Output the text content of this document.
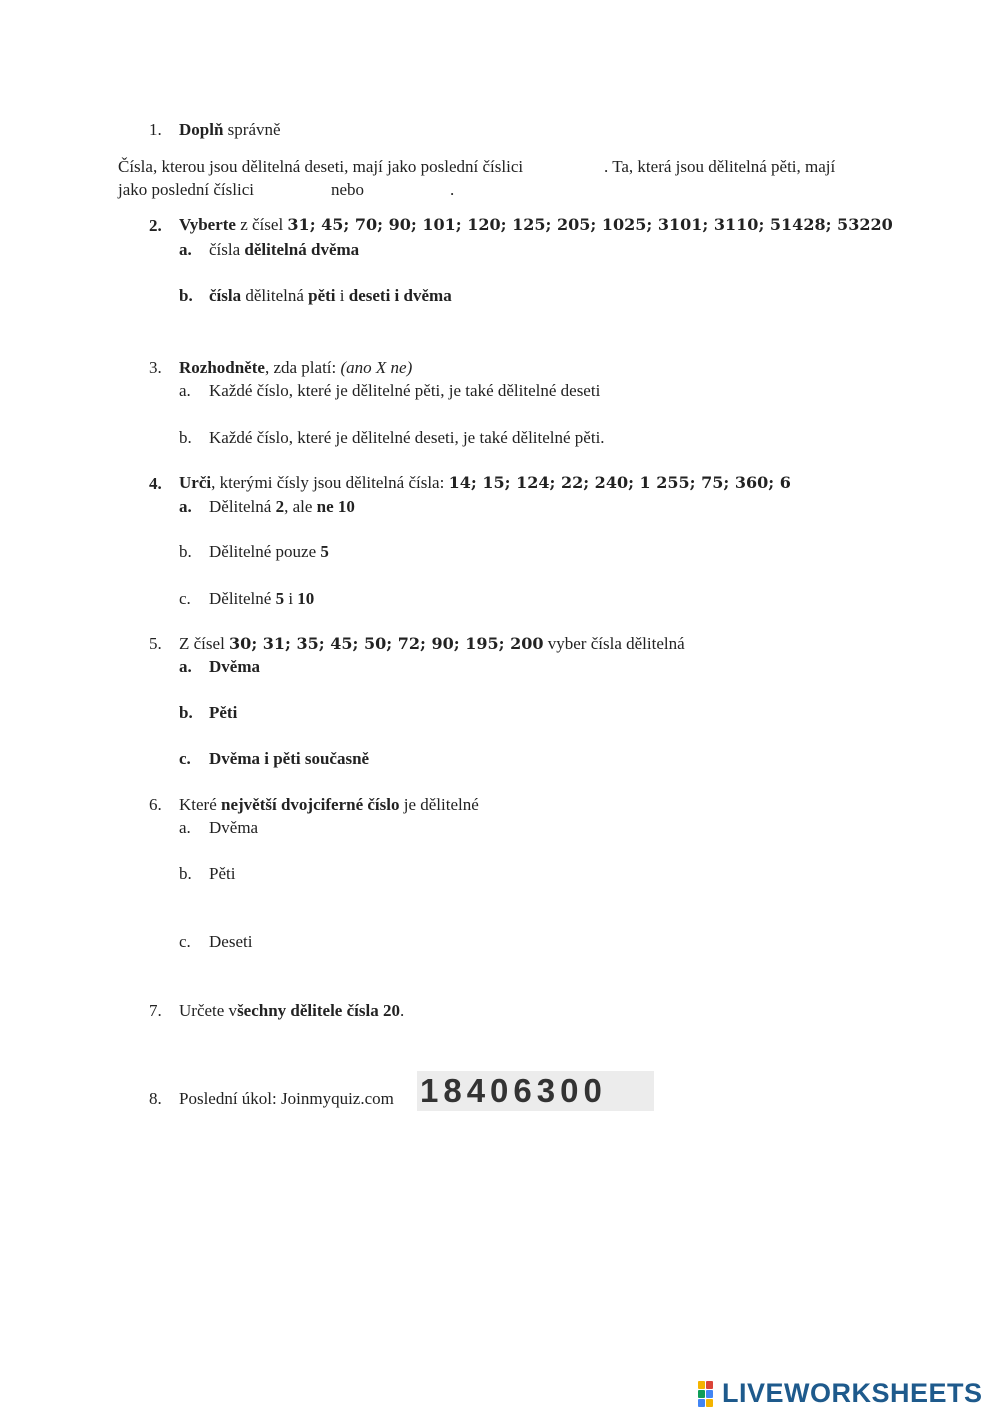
1. Doplň správně
Čísla, kterou jsou dělitelná deseti, mají jako poslední číslici	. Ta, která jsou dělitelná pěti, mají
jako poslední číslici	nebo	.
2. Vyberte z čísel 31; 45; 70; 90; 101; 120; 125; 205; 1025; 3101; 3110; 51428; 53220
a. čísla dělitelná dvěma
b. čísla dělitelná pěti i deseti i dvěma
3. Rozhodněte, zda platí: (ano X ne)
a. Každé číslo, které je dělitelné pěti, je také dělitelné deseti
b. Každé číslo, které je dělitelné deseti, je také dělitelné pěti.
4. Urči, kterými čísly jsou dělitelná čísla: 14; 15; 124; 22; 240; 1 255; 75; 360; 6
a. Dělitelná 2, ale ne 10
b. Dělitelné pouze 5
c. Dělitelné 5 i 10
5. Z čísel 30; 31; 35; 45; 50; 72; 90; 195; 200 vyber čísla dělitelná
a. Dvěma
b. Pěti
c. Dvěma i pěti současně
6. Které největší dvojciferné číslo je dělitelné
a. Dvěma
b. Pěti
c. Deseti
7. Určete všechny dělitele čísla 20.
8. Poslední úkol: Joinmyquiz.com 18406300
LIVEWORKSHEETS
